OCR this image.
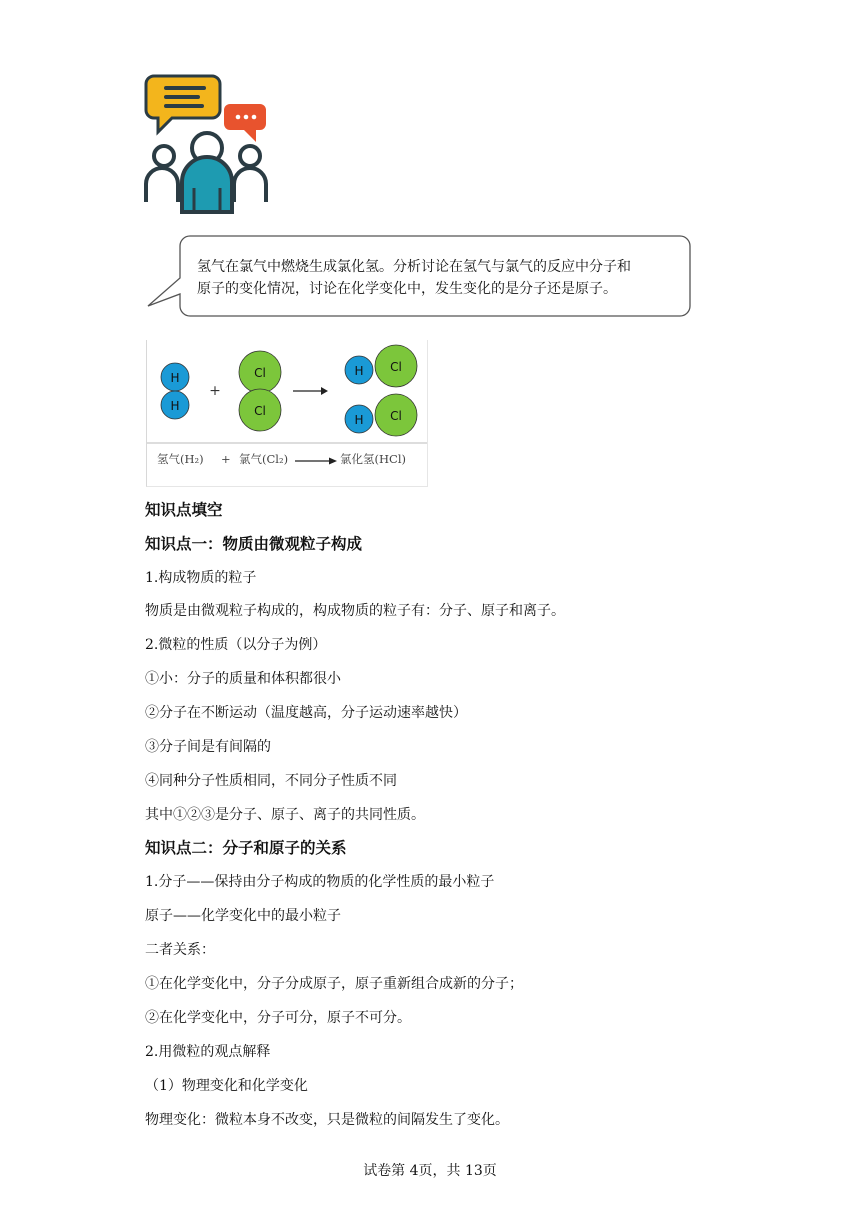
氢气在氯气中燃烧生成氯化氢。分析讨论在氢气与氯气的反应中分子和
原子的变化情况，讨论在化学变化中，发生变化的是分子还是原子。
H
H
+
Cl
Cl
H Cl
H Cl
氢气(H₂) + 氯气(Cl₂)	氯化氢(HCl)
知识点填空
知识点一：物质由微观粒子构成
1.构成物质的粒子
物质是由微观粒子构成的，构成物质的粒子有：分子、原子和离子。
2.微粒的性质（以分子为例）
①小：分子的质量和体积都很小
②分子在不断运动（温度越高，分子运动速率越快）
③分子间是有间隔的
④同种分子性质相同，不同分子性质不同
其中①②③是分子、原子、离子的共同性质。
知识点二：分子和原子的关系
1.分子——保持由分子构成的物质的化学性质的最小粒子
原子——化学变化中的最小粒子
二者关系：
①在化学变化中，分子分成原子，原子重新组合成新的分子；
②在化学变化中，分子可分，原子不可分。
2.用微粒的观点解释
（1）物理变化和化学变化
物理变化：微粒本身不改变，只是微粒的间隔发生了变化。
试卷第 4页，共 13页
